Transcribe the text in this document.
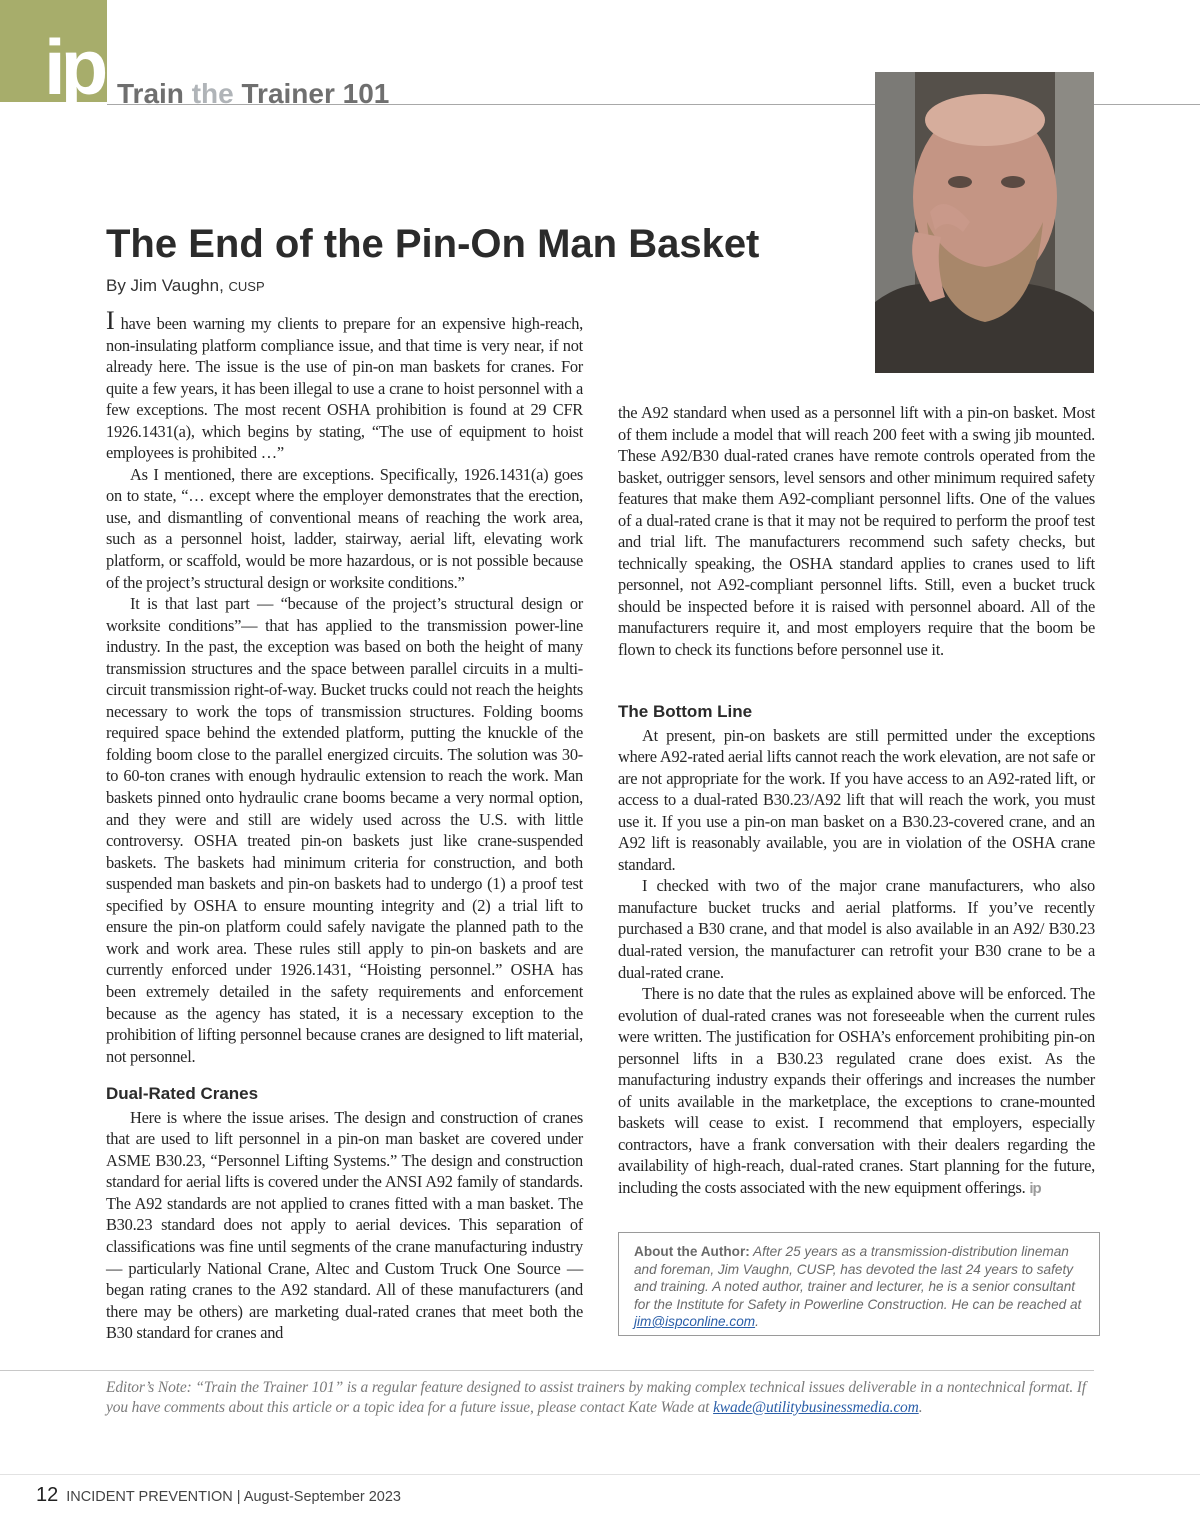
ip Train the Trainer 101
The End of the Pin-On Man Basket
By Jim Vaughn, CUSP

I have been warning my clients to prepare for an expensive high-reach, non-insulating platform compliance issue, and that time is very near, if not already here. The issue is the use of pin-on man baskets for cranes. For quite a few years, it has been illegal to use a crane to hoist personnel with a few exceptions. The most recent OSHA prohibition is found at 29 CFR 1926.1431(a), which begins by stating, “The use of equipment to hoist employees is prohibited …”

As I mentioned, there are exceptions. Specifically, 1926.1431(a) goes on to state, “… except where the employer demonstrates that the erection, use, and dismantling of conventional means of reaching the work area, such as a personnel hoist, ladder, stairway, aerial lift, elevating work platform, or scaffold, would be more hazardous, or is not possible because of the project’s structural design or worksite conditions.”

It is that last part — “because of the project’s structural design or worksite conditions”— that has applied to the transmission power-line industry. In the past, the exception was based on both the height of many transmission structures and the space between parallel circuits in a multi-circuit transmission right-of-way. Bucket trucks could not reach the heights necessary to work the tops of transmission structures. Folding booms required space behind the extended platform, putting the knuckle of the folding boom close to the parallel energized circuits. The solution was 30- to 60-ton cranes with enough hydraulic extension to reach the work. Man baskets pinned onto hydraulic crane booms became a very normal option, and they were and still are widely used across the U.S. with little controversy. OSHA treated pin-on baskets just like crane-suspended baskets. The baskets had minimum criteria for construction, and both suspended man baskets and pin-on baskets had to undergo (1) a proof test specified by OSHA to ensure mounting integrity and (2) a trial lift to ensure the pin-on platform could safely navigate the planned path to the work and work area. These rules still apply to pin-on baskets and are currently enforced under 1926.1431, “Hoisting personnel.” OSHA has been extremely detailed in the safety requirements and enforcement because as the agency has stated, it is a necessary exception to the prohibition of lifting personnel because cranes are designed to lift material, not personnel.

Dual-Rated Cranes

Here is where the issue arises. The design and construction of cranes that are used to lift personnel in a pin-on man basket are covered under ASME B30.23, “Personnel Lifting Systems.” The design and construction standard for aerial lifts is covered under the ANSI A92 family of standards. The A92 standards are not applied to cranes fitted with a man basket. The B30.23 standard does not apply to aerial devices. This separation of classifications was fine until segments of the crane manufacturing industry — particularly National Crane, Altec and Custom Truck One Source — began rating cranes to the A92 standard. All of these manufacturers (and there may be others) are marketing dual-rated cranes that meet both the B30 standard for cranes and

the A92 standard when used as a personnel lift with a pin-on basket. Most of them include a model that will reach 200 feet with a swing jib mounted. These A92/B30 dual-rated cranes have remote controls operated from the basket, outrigger sensors, level sensors and other minimum required safety features that make them A92-compliant personnel lifts. One of the values of a dual-rated crane is that it may not be required to perform the proof test and trial lift. The manufacturers recommend such safety checks, but technically speaking, the OSHA standard applies to cranes used to lift personnel, not A92-compliant personnel lifts. Still, even a bucket truck should be inspected before it is raised with personnel aboard. All of the manufacturers require it, and most employers require that the boom be flown to check its functions before personnel use it.

The Bottom Line

At present, pin-on baskets are still permitted under the exceptions where A92-rated aerial lifts cannot reach the work elevation, are not safe or are not appropriate for the work. If you have access to an A92-rated lift, or access to a dual-rated B30.23/A92 lift that will reach the work, you must use it. If you use a pin-on man basket on a B30.23-covered crane, and an A92 lift is reasonably available, you are in violation of the OSHA crane standard.

I checked with two of the major crane manufacturers, who also manufacture bucket trucks and aerial platforms. If you’ve recently purchased a B30 crane, and that model is also available in an A92/ B30.23 dual-rated version, the manufacturer can retrofit your B30 crane to be a dual-rated crane.

There is no date that the rules as explained above will be enforced. The evolution of dual-rated cranes was not foreseeable when the current rules were written. The justification for OSHA’s enforcement prohibiting pin-on personnel lifts in a B30.23 regulated crane does exist. As the manufacturing industry expands their offerings and increases the number of units available in the marketplace, the exceptions to crane-mounted baskets will cease to exist. I recommend that employers, especially contractors, have a frank conversation with their dealers regarding the availability of high-reach, dual-rated cranes. Start planning for the future, including the costs associated with the new equipment offerings. ip

About the Author: After 25 years as a transmission-distribution lineman and foreman, Jim Vaughn, CUSP, has devoted the last 24 years to safety and training. A noted author, trainer and lecturer, he is a senior consultant for the Institute for Safety in Powerline Construction. He can be reached at jim@ispconline.com.
Editor’s Note: “Train the Trainer 101” is a regular feature designed to assist trainers by making complex technical issues deliverable in a nontechnical format. If you have comments about this article or a topic idea for a future issue, please contact Kate Wade at kwade@utilitybusinessmedia.com.
12 INCIDENT PREVENTION | August-September 2023
